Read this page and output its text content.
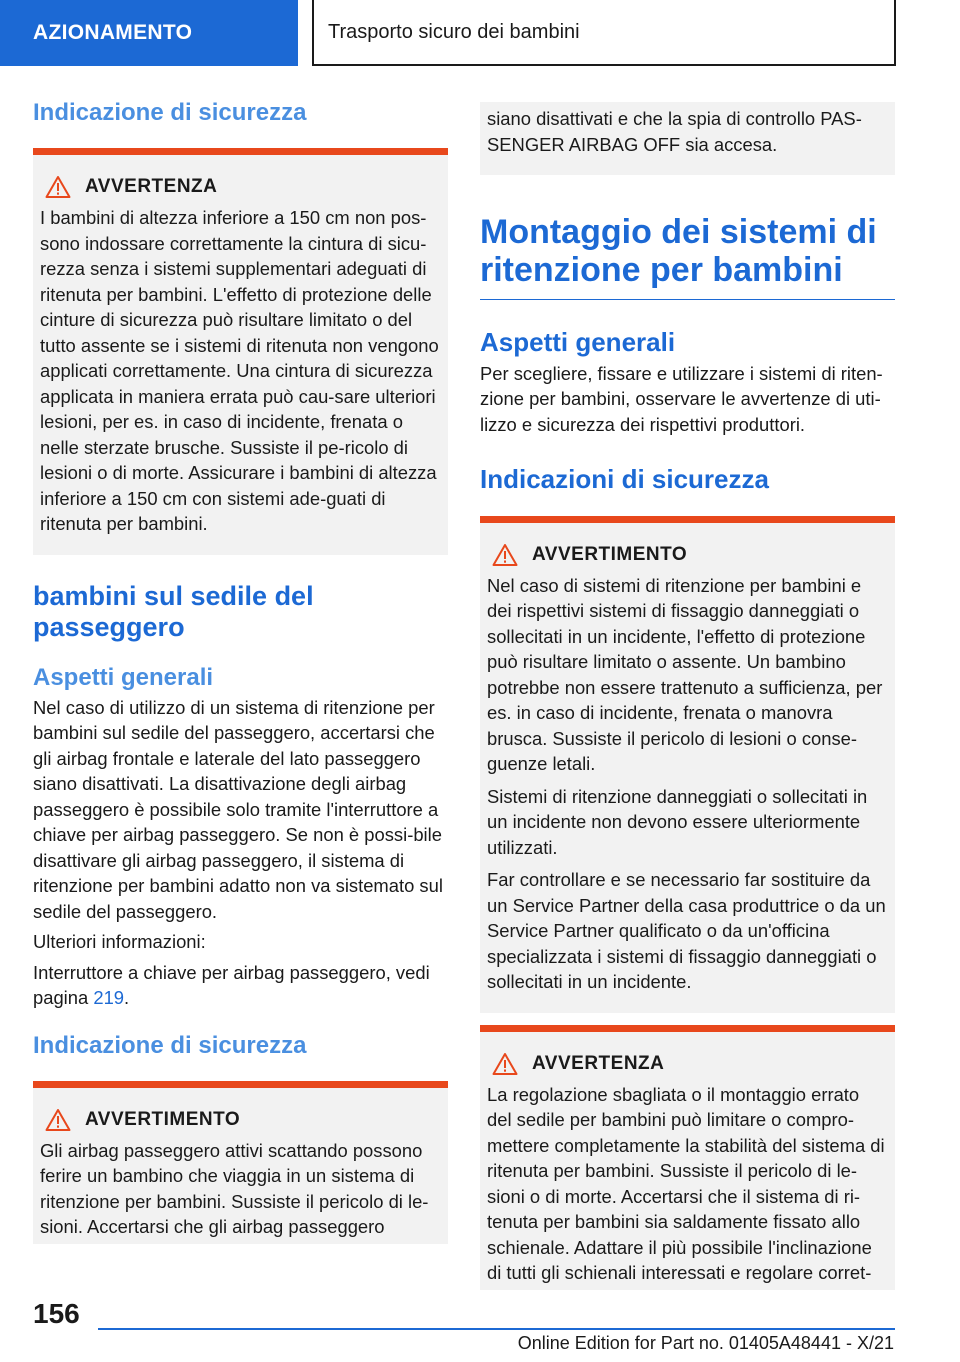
AZIONAMENTO	Trasporto sicuro dei bambini
Indicazione di sicurezza
AVVERTENZA

I bambini di altezza inferiore a 150 cm non pos-sono indossare correttamente la cintura di sicu-rezza senza i sistemi supplementari adeguati di ritenuta per bambini. L'effetto di protezione delle cinture di sicurezza può risultare limitato o del tutto assente se i sistemi di ritenuta non vengono applicati correttamente. Una cintura di sicurezza applicata in maniera errata può cau-sare ulteriori lesioni, per es. in caso di incidente, frenata o nelle sterzate brusche. Sussiste il pe-ricolo di lesioni o di morte. Assicurare i bambini di altezza inferiore a 150 cm con sistemi ade-guati di ritenuta per bambini.

bambini sul sedile del passeggero
Aspetti generali

Nel caso di utilizzo di un sistema di ritenzione per bambini sul sedile del passeggero, accertarsi che gli airbag frontale e laterale del lato passeggero siano disattivati. La disattivazione degli airbag passeggero è possibile solo tramite l'interruttore a chiave per airbag passeggero. Se non è possi-bile disattivare gli airbag passeggero, il sistema di ritenzione per bambini adatto non va sistemato sul sedile del passeggero.

Ulteriori informazioni:

Interruttore a chiave per airbag passeggero, vedi pagina 219.

Indicazione di sicurezza
AVVERTIMENTO

Gli airbag passeggero attivi scattando possono ferire un bambino che viaggia in un sistema di ritenzione per bambini. Sussiste il pericolo di le-sioni. Accertarsi che gli airbag passeggero

siano disattivati e che la spia di controllo PAS-SENGER AIRBAG OFF sia accesa.

Montaggio dei sistemi di ritenzione per bambini
Aspetti generali

Per scegliere, fissare e utilizzare i sistemi di riten-zione per bambini, osservare le avvertenze di uti-lizzo e sicurezza dei rispettivi produttori.

Indicazioni di sicurezza
AVVERTIMENTO

Nel caso di sistemi di ritenzione per bambini e dei rispettivi sistemi di fissaggio danneggiati o sollecitati in un incidente, l'effetto di protezione può risultare limitato o assente. Un bambino potrebbe non essere trattenuto a sufficienza, per es. in caso di incidente, frenata o manovra brusca. Sussiste il pericolo di lesioni o conse-guenze letali.

Sistemi di ritenzione danneggiati o sollecitati in un incidente non devono essere ulteriormente utilizzati.

Far controllare e se necessario far sostituire da un Service Partner della casa produttrice o da un Service Partner qualificato o da un'officina specializzata i sistemi di fissaggio danneggiati o sollecitati in un incidente.

AVVERTENZA

La regolazione sbagliata o il montaggio errato del sedile per bambini può limitare o compro-mettere completamente la stabilità del sistema di ritenuta per bambini. Sussiste il pericolo di le-sioni o di morte. Accertarsi che il sistema di ri-tenuta per bambini sia saldamente fissato allo schienale. Adattare il più possibile l'inclinazione di tutti gli schienali interessati e regolare corret-

156
Online Edition for Part no. 01405A48441 - X/21
